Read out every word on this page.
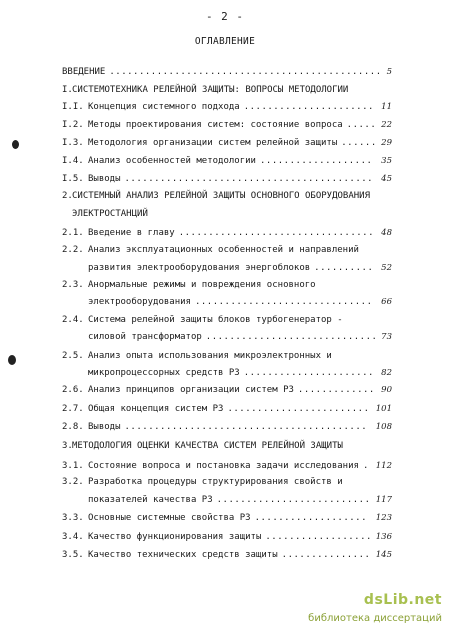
- 2 -
ОГЛАВЛЕНИЕ
ВВЕДЕНИЕ	5
..............................................
I. СИСТЕМОТЕХНИКА РЕЛЕЙНОЙ ЗАЩИТЫ: ВОПРОСЫ МЕТОДОЛОГИИ
I.I. Концепция системного подхода	11
......................
I.2. Методы проектирования систем: состояние вопроса	22
.....
I.3. Методология организации систем релейной защиты	29
......
I.4. Анализ особенностей методологии	35
...................
I.5. Выводы	45
..........................................
2. СИСТЕМНЫЙ АНАЛИЗ РЕЛЕЙНОЙ ЗАЩИТЫ ОСНОВНОГО ОБОРУДОВАНИЯ
ЭЛЕКТРОСТАНЦИЙ
2.1. Введение в главу	48
.................................
2.2. Анализ эксплуатационных особенностей и направлений
развития электрооборудования энергоблоков	52
..........
2.3. Анормальные режимы и повреждения основного
электрооборудования	66
..............................
2.4. Система релейной защиты блоков турбогенератор -
силовой трансформатор	73
.............................
2.5. Анализ опыта использования микроэлектронных и
микропроцессорных средств РЗ	82
......................
2.6. Анализ принципов организации систем РЗ	90
.............
2.7. Общая концепция систем РЗ	101
........................
2.8. Выводы	108
.........................................
3. МЕТОДОЛОГИЯ ОЦЕНКИ КАЧЕСТВА СИСТЕМ РЕЛЕЙНОЙ ЗАЩИТЫ
3.1. Состояние вопроса и постановка задачи исследования 112
.
3.2. Разработка процедуры структурирования свойств и
показателей качества РЗ	117
..........................
3.3. Основные системные свойства РЗ	123
...................
3.4. Качество функционирования защиты	136
..................
3.5. Качество технических средств защиты	145
...............
dsLib.net
библиотека диссертаций
